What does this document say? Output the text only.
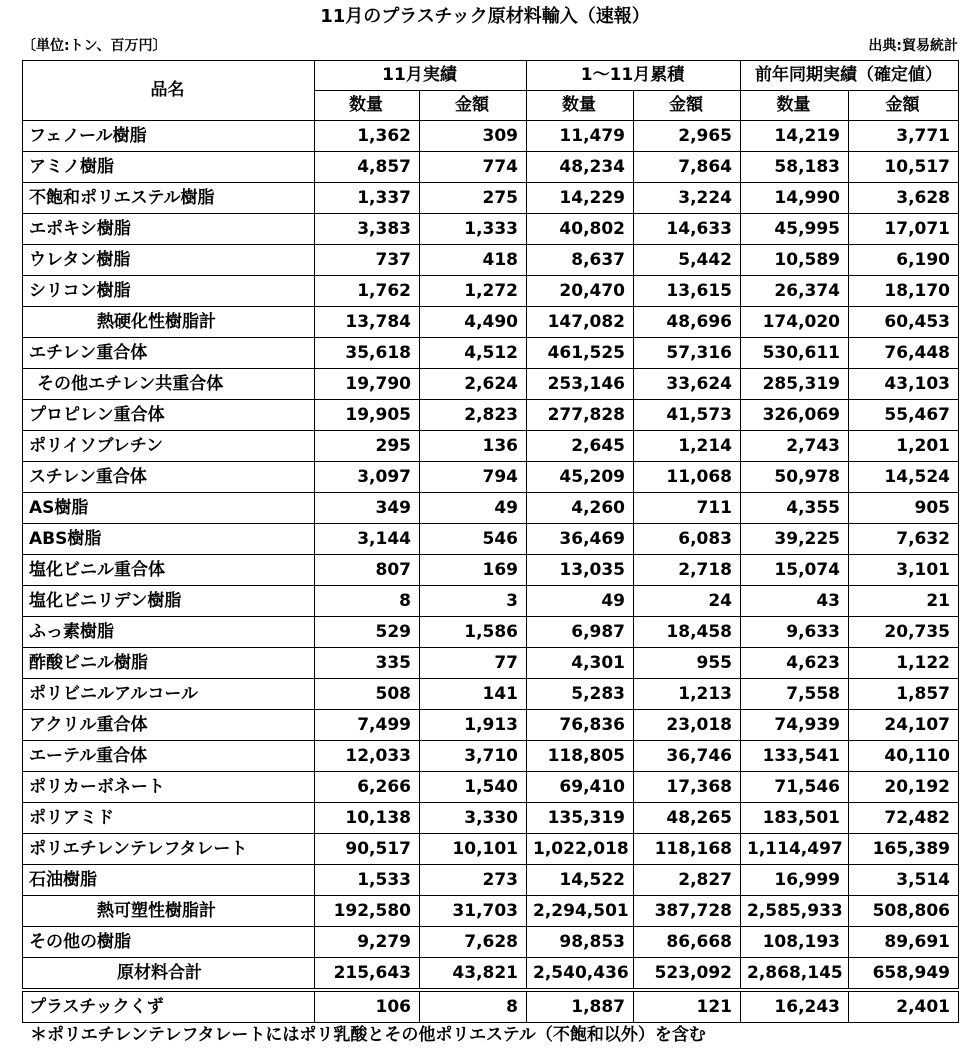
11月のプラスチック原材料輸入（速報）
〔単位:トン、百万円〕	出典:貿易統計
品名	11月実績		1～11月累積		前年同期実績（確定値）	
	数量	金額	数量	金額	数量	金額
フェノール樹脂	1,362	309	11,479	2,965	14,219	3,771
アミノ樹脂	4,857	774	48,234	7,864	58,183	10,517
不飽和ポリエステル樹脂	1,337	275	14,229	3,224	14,990	3,628
エポキシ樹脂	3,383	1,333	40,802	14,633	45,995	17,071
ウレタン樹脂	737	418	8,637	5,442	10,589	6,190
シリコン樹脂	1,762	1,272	20,470	13,615	26,374	18,170
熱硬化性樹脂計	13,784	4,490	147,082	48,696	174,020	60,453
エチレン重合体	35,618	4,512	461,525	57,316	530,611	76,448
その他エチレン共重合体	19,790	2,624	253,146	33,624	285,319	43,103
プロピレン重合体	19,905	2,823	277,828	41,573	326,069	55,467
ポリイソブレチン	295	136	2,645	1,214	2,743	1,201
スチレン重合体	3,097	794	45,209	11,068	50,978	14,524
AS樹脂	349	49	4,260	711	4,355	905
ABS樹脂	3,144	546	36,469	6,083	39,225	7,632
塩化ビニル重合体	807	169	13,035	2,718	15,074	3,101
塩化ビニリデン樹脂	8	3	49	24	43	21
ふっ素樹脂	529	1,586	6,987	18,458	9,633	20,735
酢酸ビニル樹脂	335	77	4,301	955	4,623	1,122
ポリビニルアルコール	508	141	5,283	1,213	7,558	1,857
アクリル重合体	7,499	1,913	76,836	23,018	74,939	24,107
エーテル重合体	12,033	3,710	118,805	36,746	133,541	40,110
ポリカーボネート	6,266	1,540	69,410	17,368	71,546	20,192
ポリアミド	10,138	3,330	135,319	48,265	183,501	72,482
ポリエチレンテレフタレート	90,517	10,101	1,022,018	118,168	1,114,497	165,389
石油樹脂	1,533	273	14,522	2,827	16,999	3,514
熱可塑性樹脂計	192,580	31,703	2,294,501	387,728	2,585,933	508,806
その他の樹脂	9,279	7,628	98,853	86,668	108,193	89,691
原材料合計	215,643	43,821	2,540,436	523,092	2,868,145	658,949
プラスチックくず	106	8	1,887	121	16,243	2,401
＊ポリエチレンテレフタレートにはポリ乳酸とその他ポリエステル（不飽和以外）を含む
